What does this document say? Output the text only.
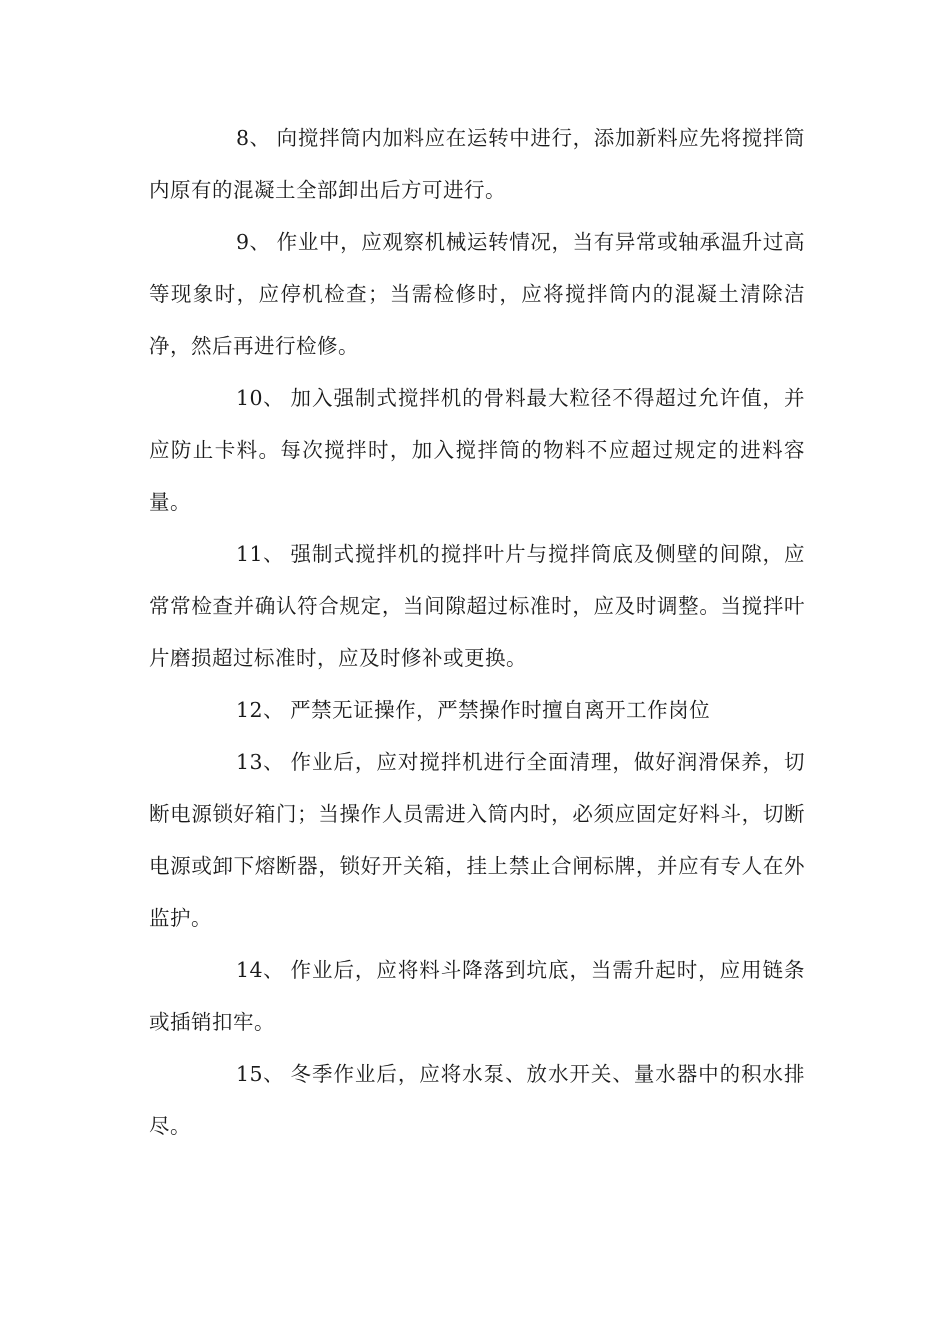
8、 向搅拌筒内加料应在运转中进行，添加新料应先将搅拌筒内原有的混凝土全部卸出后方可进行。

9、 作业中，应观察机械运转情况，当有异常或轴承温升过高等现象时，应停机检查；当需检修时，应将搅拌筒内的混凝土清除洁净，然后再进行检修。

10、 加入强制式搅拌机的骨料最大粒径不得超过允许值，并应防止卡料。每次搅拌时，加入搅拌筒的物料不应超过规定的进料容量。

11、 强制式搅拌机的搅拌叶片与搅拌筒底及侧壁的间隙，应常常检查并确认符合规定，当间隙超过标准时，应及时调整。当搅拌叶片磨损超过标准时，应及时修补或更换。

12、 严禁无证操作，严禁操作时擅自离开工作岗位

13、 作业后，应对搅拌机进行全面清理，做好润滑保养，切断电源锁好箱门；当操作人员需进入筒内时，必须应固定好料斗，切断电源或卸下熔断器，锁好开关箱，挂上禁止合闸标牌，并应有专人在外监护。

14、 作业后，应将料斗降落到坑底，当需升起时，应用链条或插销扣牢。

15、 冬季作业后，应将水泵、放水开关、量水器中的积水排尽。
